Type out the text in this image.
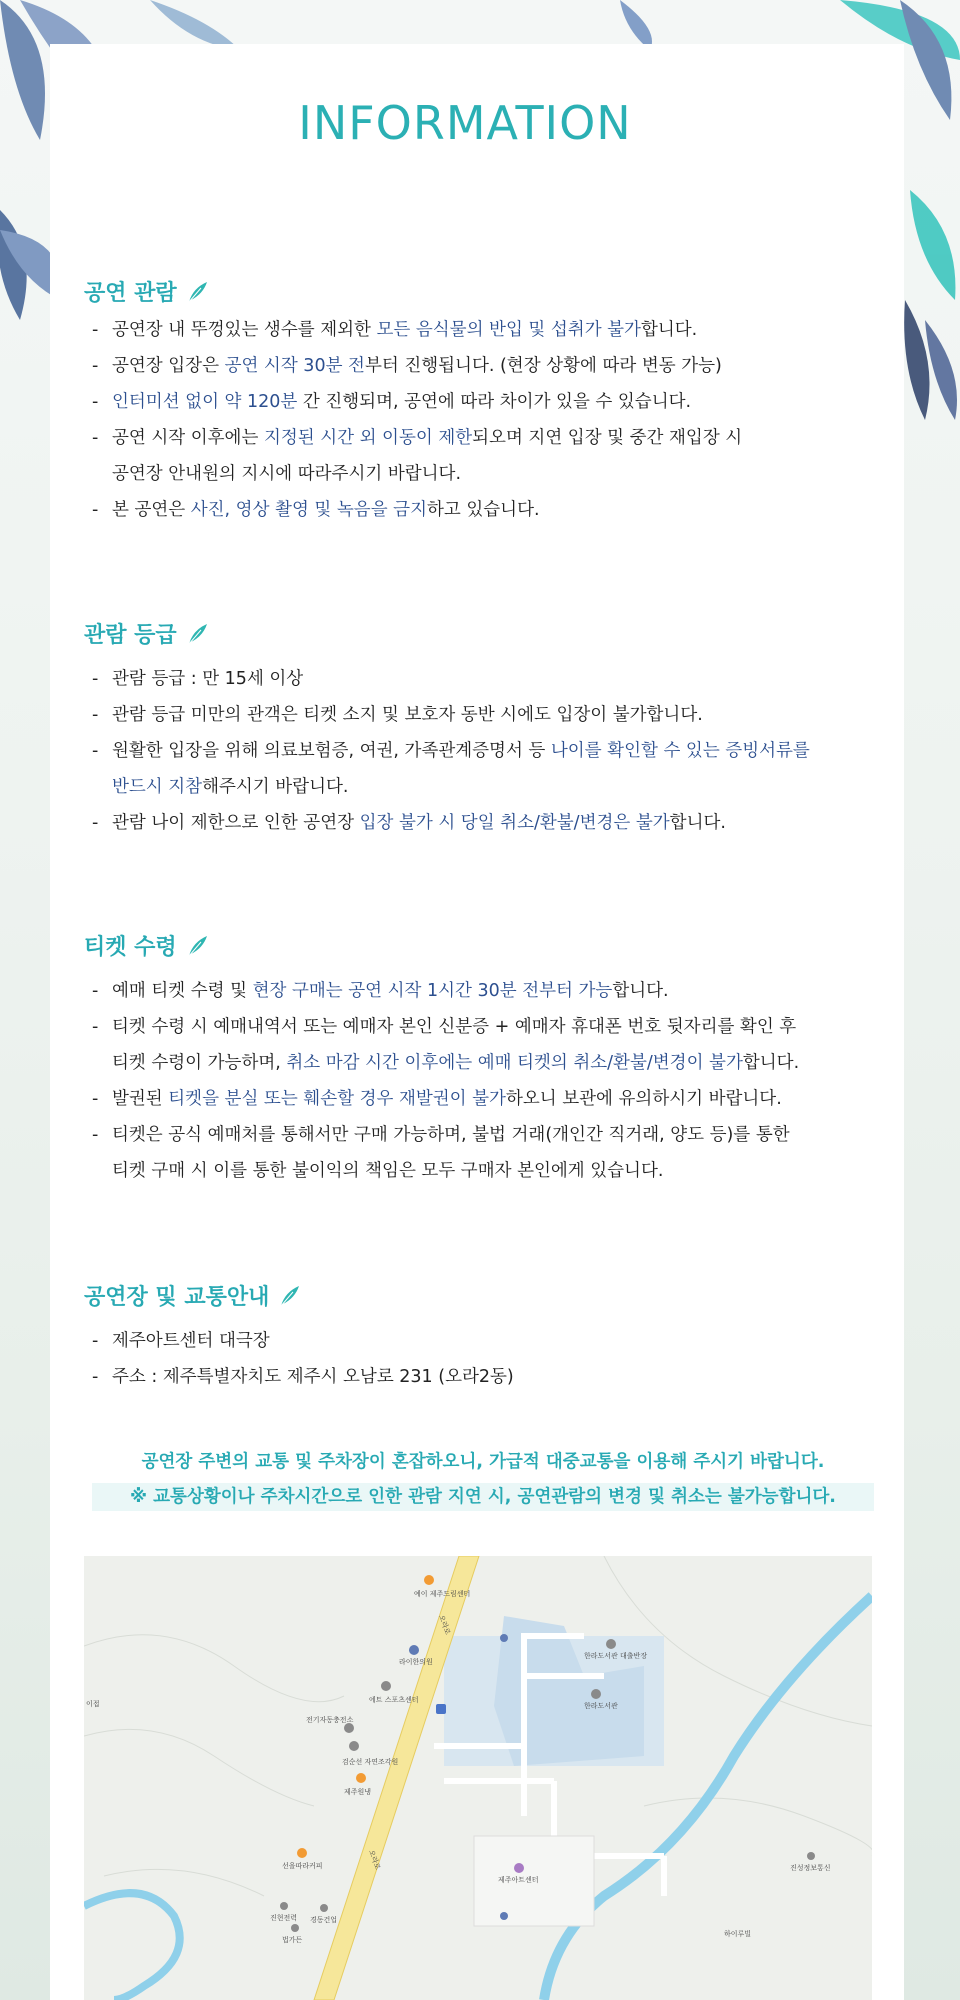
INFORMATION
공연 관람
- 공연장 내 뚜껑있는 생수를 제외한 모든 음식물의 반입 및 섭취가 불가합니다.
- 공연장 입장은 공연 시작 30분 전부터 진행됩니다. (현장 상황에 따라 변동 가능)
- 인터미션 없이 약 120분 간 진행되며, 공연에 따라 차이가 있을 수 있습니다.
- 공연 시작 이후에는 지정된 시간 외 이동이 제한되오며 지연 입장 및 중간 재입장 시
공연장 안내원의 지시에 따라주시기 바랍니다.
- 본 공연은 사진, 영상 촬영 및 녹음을 금지하고 있습니다.
관람 등급
- 관람 등급 : 만 15세 이상
- 관람 등급 미만의 관객은 티켓 소지 및 보호자 동반 시에도 입장이 불가합니다.
- 원활한 입장을 위해 의료보험증, 여권, 가족관계증명서 등 나이를 확인할 수 있는 증빙서류를
반드시 지참해주시기 바랍니다.
- 관람 나이 제한으로 인한 공연장 입장 불가 시 당일 취소/환불/변경은 불가합니다.
티켓 수령
- 예매 티켓 수령 및 현장 구매는 공연 시작 1시간 30분 전부터 가능합니다.
- 티켓 수령 시 예매내역서 또는 예매자 본인 신분증 + 예매자 휴대폰 번호 뒷자리를 확인 후
티켓 수령이 가능하며, 취소 마감 시간 이후에는 예매 티켓의 취소/환불/변경이 불가합니다.
- 발권된 티켓을 분실 또는 훼손할 경우 재발권이 불가하오니 보관에 유의하시기 바랍니다.
- 티켓은 공식 예매처를 통해서만 구매 가능하며, 불법 거래(개인간 직거래, 양도 등)를 통한
티켓 구매 시 이를 통한 불이익의 책임은 모두 구매자 본인에게 있습니다.
공연장 및 교통안내
- 제주아트센터 대극장
- 주소 : 제주특별자치도 제주시 오남로 231 (오라2동)
공연장 주변의 교통 및 주차장이 혼잡하오니, 가급적 대중교통을 이용해 주시기 바랍니다.
※ 교통상황이나 주차시간으로 인한 관람 지연 시, 공연관람의 변경 및 취소는 불가능합니다.
예이 제주드림센터
라이한의원
에트 스포츠센터
한라도서관 대출반장
한라도서관
전기자동충전소
검순선 자연조각원
제주원냉
제주아트센터
선을따라커피
진현전력 경동건업
법가든
진성정보통신
하이루빌
이접
오라로
오라로
